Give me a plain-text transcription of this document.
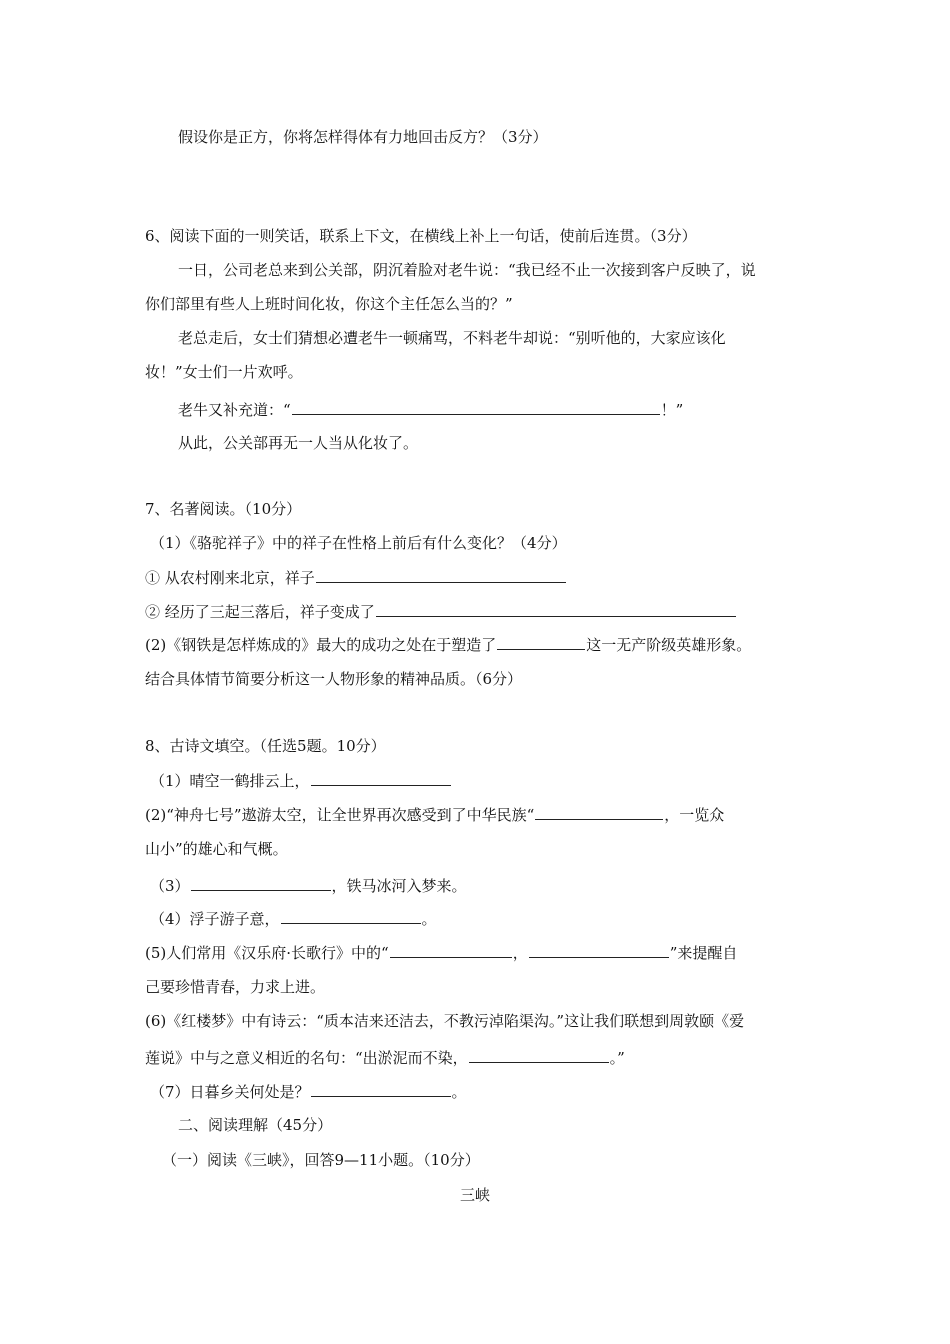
假设你是正方，你将怎样得体有力地回击反方？（3分）
6、阅读下面的一则笑话，联系上下文，在横线上补上一句话，使前后连贯。（3分）
一日，公司老总来到公关部，阴沉着脸对老牛说：“我已经不止一次接到客户反映了，说
你们部里有些人上班时间化妆，你这个主任怎么当的？”
老总走后，女士们猜想必遭老牛一顿痛骂，不料老牛却说：“别听他的，大家应该化
妆！”女士们一片欢呼。
老牛又补充道：“	！”
从此，公关部再无一人当从化妆了。
7、名著阅读。（10分）
（1）《骆驼祥子》中的祥子在性格上前后有什么变化？（4分）
① 从农村刚来北京，祥子
② 经历了三起三落后，祥子变成了
(2)《钢铁是怎样炼成的》最大的成功之处在于塑造了	这一无产阶级英雄形象。
结合具体情节简要分析这一人物形象的精神品质。（6分）
8、古诗文填空。（任选5题。10分）
（1）晴空一鹤排云上，
(2)“神舟七号”遨游太空，让全世界再次感受到了中华民族“	，一览众
山小”的雄心和气概。
（3）	，铁马冰河入梦来。
（4）浮子游子意，	。
(5)人们常用《汉乐府·长歌行》中的“	，	”来提醒自
己要珍惜青春，力求上进。
(6)《红楼梦》中有诗云：“质本洁来还洁去，不教污淖陷渠沟。”这让我们联想到周敦颐《爱
莲说》中与之意义相近的名句：“出淤泥而不染，	。”
（7）日暮乡关何处是？	。
二、阅读理解（45分）
（一）阅读《三峡》，回答9—11小题。（10分）
三峡
